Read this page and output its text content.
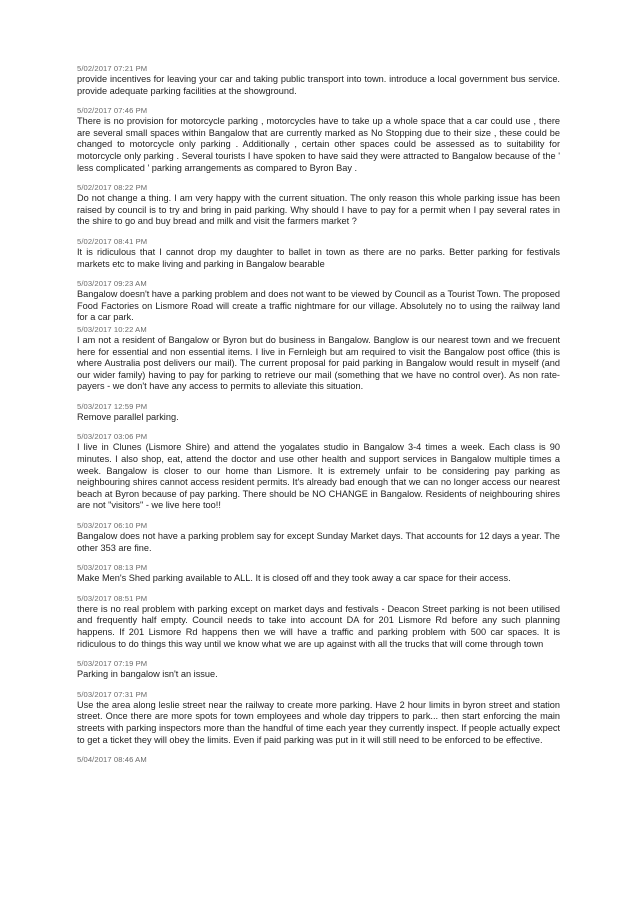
5/02/2017 07:21 PM

provide incentives for leaving your car and taking public transport into town. introduce a local government bus service. provide adequate parking facilities at the showground.

5/02/2017 07:46 PM

There is no provision for motorcycle parking , motorcycles have to take up a whole space that a car could use , there are several small spaces within Bangalow that are currently marked as No Stopping due to their size , these could be changed to motorcycle only parking . Additionally , certain other spaces could be assessed as to suitability for motorcycle only parking . Several tourists I have spoken to have said they were attracted to Bangalow because of the ' less complicated ' parking arrangements as compared to Byron Bay .

5/02/2017 08:22 PM

Do not change a thing. I am very happy with the current situation. The only reason this whole parking issue has been raised by council is to try and bring in paid parking. Why should I have to pay for a permit when I pay several rates in the shire to go and buy bread and milk and visit the farmers market ?

5/02/2017 08:41 PM

It is ridiculous that I cannot drop my daughter to ballet in town as there are no parks. Better parking for festivals markets etc to make living and parking in Bangalow bearable

5/03/2017 09:23 AM

Bangalow doesn't have a parking problem and does not want to be viewed by Council as a Tourist Town. The proposed Food Factories on Lismore Road will create a traffic nightmare for our village. Absolutely no to using the railway land for a car park.

5/03/2017 10:22 AM

I am not a resident of Bangalow or Byron but do business in Bangalow. Banglow is our nearest town and we frecuent here for essential and non essential items. I live in Fernleigh but am required to visit the Bangalow post office (this is where Australia post delivers our mail). The current proposal for paid parking in Bangalow would result in myself (and our wider family) having to pay for parking to retrieve our mail (something that we have no control over). As non rate-payers - we don't have any access to permits to alleviate this situation.

5/03/2017 12:59 PM

Remove parallel parking.

5/03/2017 03:06 PM

I live in Clunes (Lismore Shire) and attend the yogalates studio in Bangalow 3-4 times a week. Each class is 90 minutes. I also shop, eat, attend the doctor and use other health and support services in Bangalow multiple times a week. Bangalow is closer to our home than Lismore. It is extremely unfair to be considering pay parking as neighbouring shires cannot access resident permits. It's already bad enough that we can no longer access our nearest beach at Byron because of pay parking. There should be NO CHANGE in Bangalow. Residents of neighbouring shires are not "visitors" - we live here too!!

5/03/2017 06:10 PM

Bangalow does not have a parking problem say for except Sunday Market days. That accounts for 12 days a year. The other 353 are fine.

5/03/2017 08:13 PM

Make Men's Shed parking available to ALL. It is closed off and they took away a car space for their access.

5/03/2017 08:51 PM

there is no real problem with parking except on market days and festivals - Deacon Street parking is not been utilised and frequently half empty. Council needs to take into account DA for 201 Lismore Rd before any such planning happens. If 201 Lismore Rd happens then we will have a traffic and parking problem with 500 car spaces. It is ridiculous to do things this way until we know what we are up against with all the trucks that will come through town

5/03/2017 07:19 PM

Parking in bangalow isn't an issue.

5/03/2017 07:31 PM

Use the area along leslie street near the railway to create more parking. Have 2 hour limits in byron street and station street. Once there are more spots for town employees and whole day trippers to park... then start enforcing the main streets with parking inspectors more than the handful of time each year they currently inspect. If people actually expect to get a ticket they will obey the limits. Even if paid parking was put in it will still need to be enforced to be effective.

5/04/2017 08:46 AM
